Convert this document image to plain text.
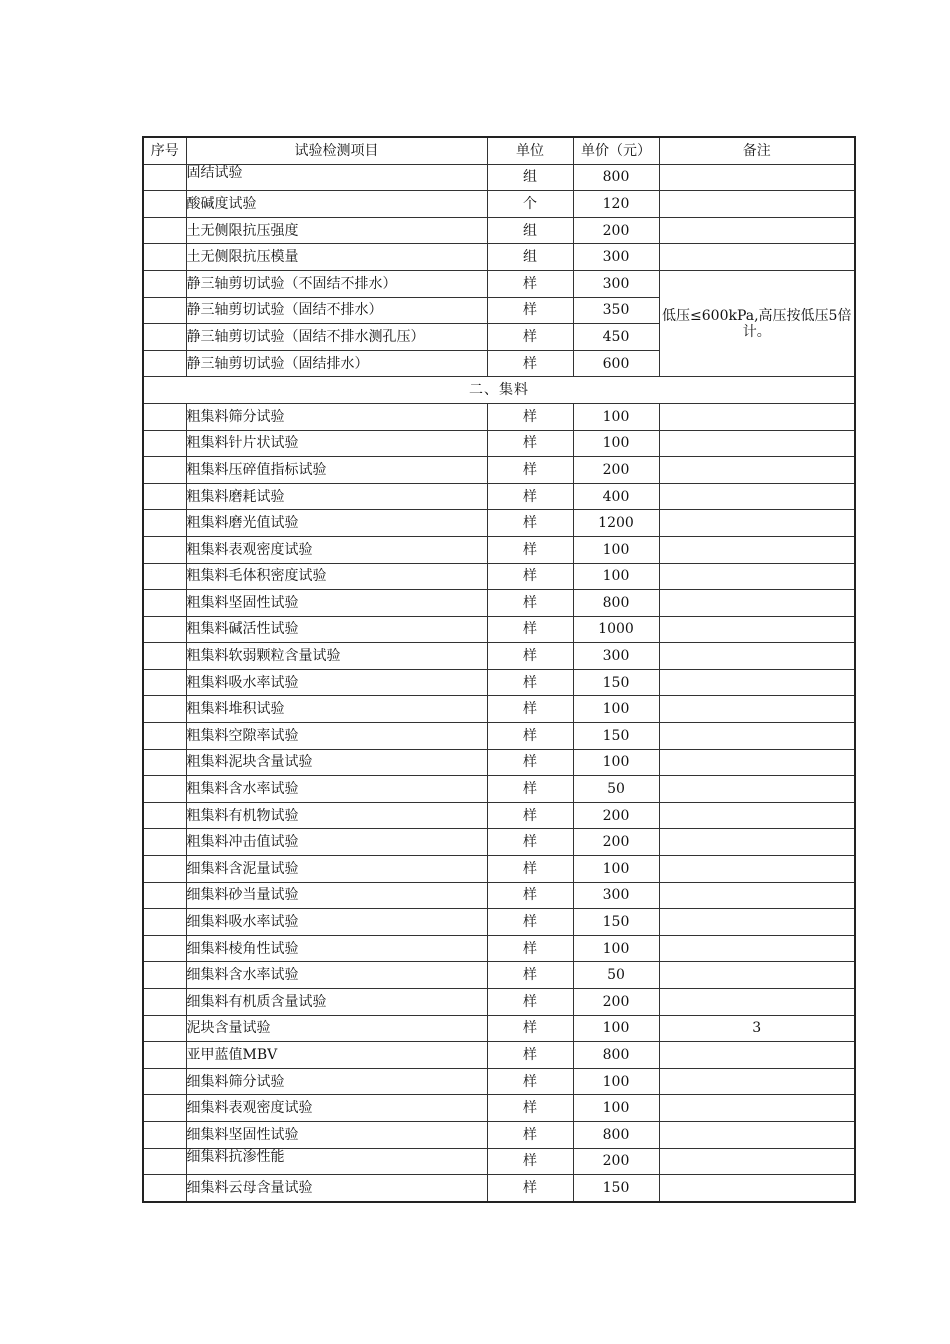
序号	试验检测项目	单位	单价（元）	备注
	固结试验	组	800	
	酸碱度试验	个	120	
	土无侧限抗压强度	组	200	
	土无侧限抗压模量	组	300	
	静三轴剪切试验（不固结不排水）	样	300	低压≤600kPa,高压按低压5倍计。
	静三轴剪切试验（固结不排水）	样	350	
	静三轴剪切试验（固结不排水测孔压）	样	450	
	静三轴剪切试验（固结排水）	样	600	
二、集料				
	粗集料筛分试验	样	100	
	粗集料针片状试验	样	100	
	粗集料压碎值指标试验	样	200	
	粗集料磨耗试验	样	400	
	粗集料磨光值试验	样	1200	
	粗集料表观密度试验	样	100	
	粗集料毛体积密度试验	样	100	
	粗集料坚固性试验	样	800	
	粗集料碱活性试验	样	1000	
	粗集料软弱颗粒含量试验	样	300	
	粗集料吸水率试验	样	150	
	粗集料堆积试验	样	100	
	粗集料空隙率试验	样	150	
	粗集料泥块含量试验	样	100	
	粗集料含水率试验	样	50	
	粗集料有机物试验	样	200	
	粗集料冲击值试验	样	200	
	细集料含泥量试验	样	100	
	细集料砂当量试验	样	300	
	细集料吸水率试验	样	150	
	细集料棱角性试验	样	100	
	细集料含水率试验	样	50	
	细集料有机质含量试验	样	200	
	泥块含量试验	样	100	3
	亚甲蓝值MBV	样	800	
	细集料筛分试验	样	100	
	细集料表观密度试验	样	100	
	细集料坚固性试验	样	800	
	细集料抗渗性能	样	200	
	细集料云母含量试验	样	150	
